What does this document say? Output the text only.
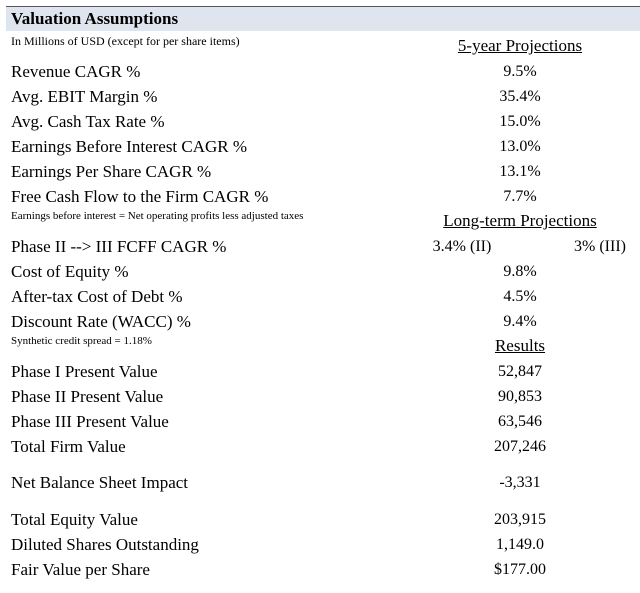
Valuation Assumptions
In Millions of USD (except for per share items)	5-year Projections
Revenue CAGR %	9.5%
Avg. EBIT Margin %	35.4%
Avg. Cash Tax Rate %	15.0%
Earnings Before Interest CAGR %	13.0%
Earnings Per Share CAGR %	13.1%
Free Cash Flow to the Firm CAGR %	7.7%
Earnings before interest = Net operating profits less adjusted taxes	Long-term Projections
Phase II --> III FCFF CAGR %	3.4% (II)	3% (III)
Cost of Equity %	9.8%
After-tax Cost of Debt %	4.5%
Discount Rate (WACC) %	9.4%
Synthetic credit spread = 1.18%	Results
Phase I Present Value	52,847
Phase II Present Value	90,853
Phase III Present Value	63,546
Total Firm Value	207,246
Net Balance Sheet Impact	-3,331
Total Equity Value	203,915
Diluted Shares Outstanding	1,149.0
Fair Value per Share	$177.00
